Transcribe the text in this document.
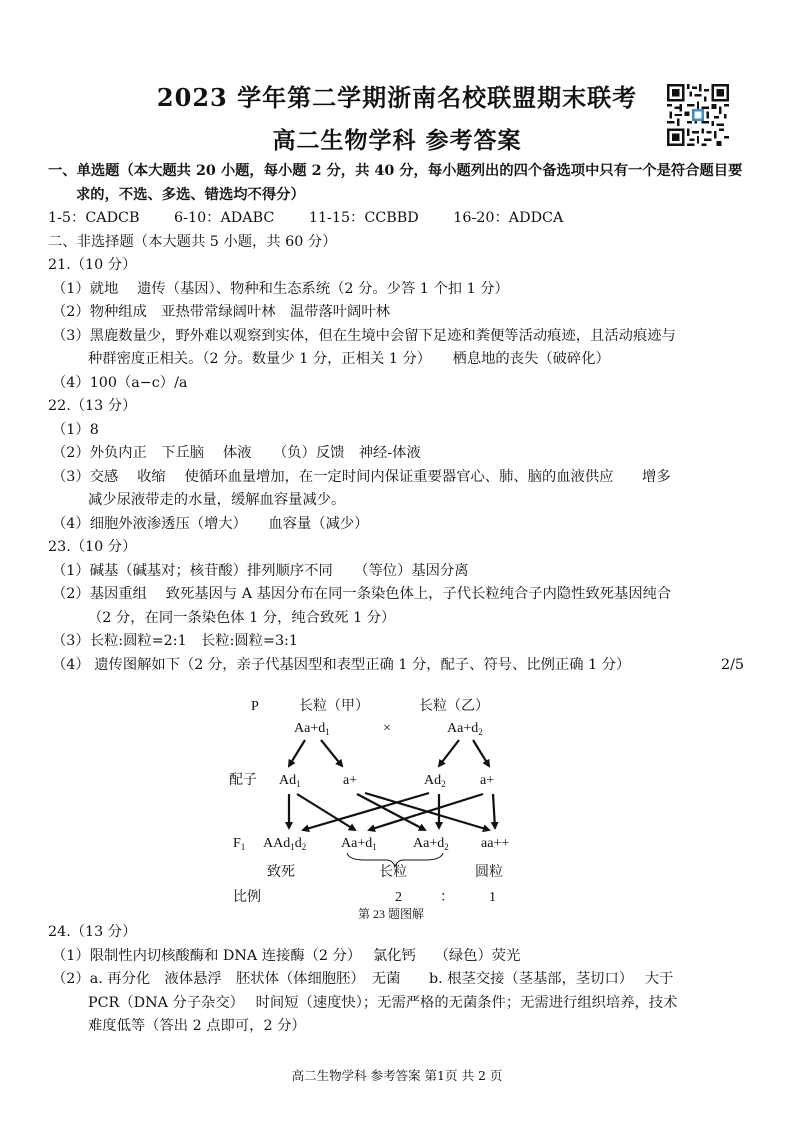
2023 学年第二学期浙南名校联盟期末联考
高二生物学科 参考答案
一、单选题（本大题共 20 小题，每小题 2 分，共 40 分，每小题列出的四个备选项中只有一个是符合题目要求的，不选、多选、错选均不得分）
1-5：CADCB 6-10：ADABC 11-15：CCBBD 16-20：ADDCA
二、非选择题（本大题共 5 小题，共 60 分）
21.（10 分）
（1）就地　 遗传（基因）、物种和生态系统（2 分。少答 1 个扣 1 分）
（2）物种组成　亚热带常绿阔叶林　温带落叶阔叶林
（3）黑鹿数量少，野外难以观察到实体，但在生境中会留下足迹和粪便等活动痕迹，且活动痕迹与
种群密度正相关。（2 分。数量少 1 分，正相关 1 分）　　栖息地的丧失（破碎化）
（4）100（a−c）/a
22.（13 分）
（1）8
（2）外负内正　下丘脑　 体液　　（负）反馈　神经-体液
（3）交感　 收缩　 使循环血量增加，在一定时间内保证重要器官心、肺、脑的血液供应　　增多
减少尿液带走的水量，缓解血容量减少。
（4）细胞外液渗透压（增大）　　血容量（减少）
23.（10 分）
（1）碱基（碱基对；核苷酸）排列顺序不同　　（等位）基因分离
（2）基因重组　 致死基因与 A 基因分布在同一条染色体上，子代长粒纯合子内隐性致死基因纯合
（2 分，在同一条染色体 1 分，纯合致死 1 分）
（3）长粒:圆粒=2:1　长粒:圆粒=3:1
（4） 遗传图解如下（2 分，亲子代基因型和表型正确 1 分，配子、符号、比例正确 1 分）	2/5
P	长粒（甲）	长粒（乙）
$Aa+d_1$	×	$Aa+d_2$
配子 $Ad_1$	a+	$Ad_2$ a+
$F_1$ $AAd_1d_2$ $Aa+d_1$	$Aa+d_2$ aa++
致死	长粒	圆粒
比例	2	：	1
第 23 题图解
24.（13 分）
（1）限制性内切核酸酶和 DNA 连接酶（2 分）　 氯化钙　 （绿色）荧光
（2）a. 再分化　液体悬浮　胚状体（体细胞胚）　无菌　　b. 根茎交接（茎基部，茎切口）　 大于
PCR（DNA 分子杂交）　 时间短（速度快）；无需严格的无菌条件；无需进行组织培养，技术
难度低等（答出 2 点即可，2 分）
高二生物学科 参考答案 第1页 共 2 页
